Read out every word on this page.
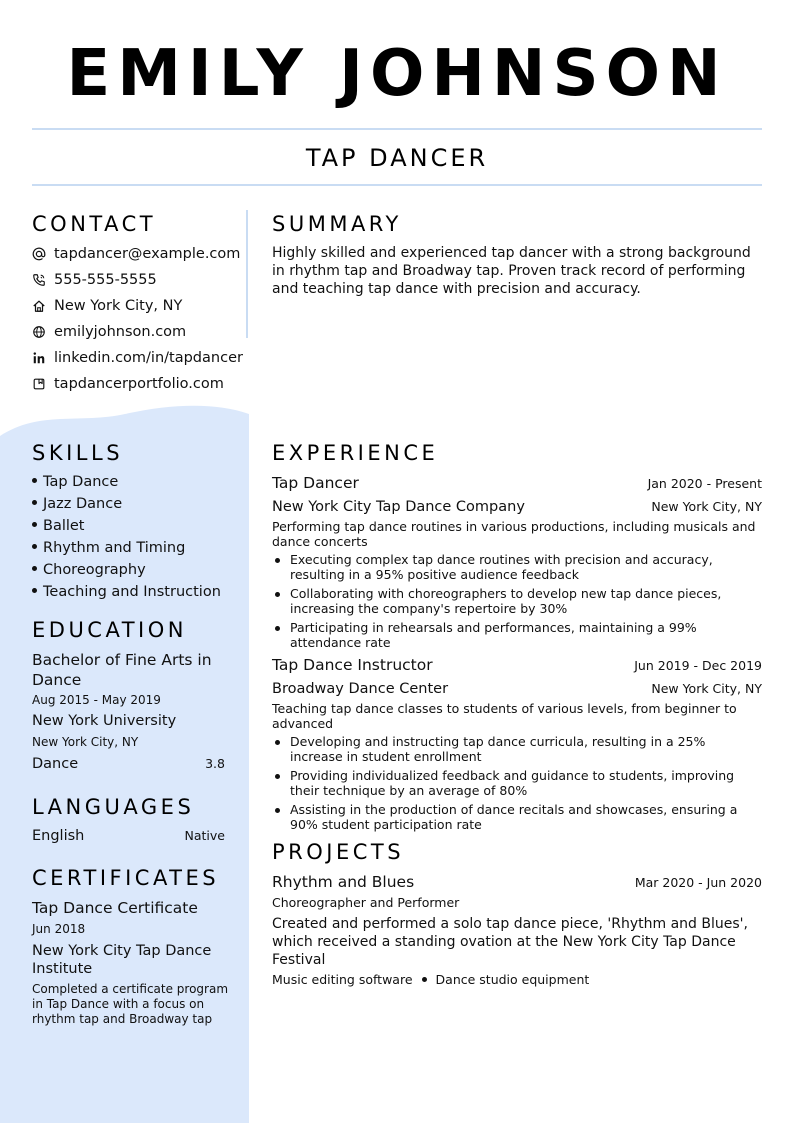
EMILY JOHNSON
TAP DANCER
CONTACT
tapdancer@example.com
555-555-5555
New York City, NY
emilyjohnson.com
linkedin.com/in/tapdancer
tapdancerportfolio.com
SUMMARY

Highly skilled and experienced tap dancer with a strong background in rhythm tap and Broadway tap. Proven track record of performing and teaching tap dance with precision and accuracy.

SKILLS
Tap Dance
Jazz Dance
Ballet
Rhythm and Timing
Choreography
Teaching and Instruction
EDUCATION
Bachelor of Fine Arts in Dance
Aug 2015 - May 2019
New York University
New York City, NY
Dance	3.8
LANGUAGES
English	Native
CERTIFICATES
Tap Dance Certificate
Jun 2018
New York City Tap Dance Institute
Completed a certificate program in Tap Dance with a focus on rhythm tap and Broadway tap
EXPERIENCE
Tap Dancer	Jan 2020 - Present
New York City Tap Dance Company	New York City, NY
Performing tap dance routines in various productions, including musicals and dance concerts
Executing complex tap dance routines with precision and accuracy, resulting in a 95% positive audience feedback
Collaborating with choreographers to develop new tap dance pieces, increasing the company's repertoire by 30%
Participating in rehearsals and performances, maintaining a 99% attendance rate
Tap Dance Instructor	Jun 2019 - Dec 2019
Broadway Dance Center	New York City, NY
Teaching tap dance classes to students of various levels, from beginner to advanced
Developing and instructing tap dance curricula, resulting in a 25% increase in student enrollment
Providing individualized feedback and guidance to students, improving their technique by an average of 80%
Assisting in the production of dance recitals and showcases, ensuring a 90% student participation rate
PROJECTS
Rhythm and Blues	Mar 2020 - Jun 2020
Choreographer and Performer
Created and performed a solo tap dance piece, 'Rhythm and Blues', which received a standing ovation at the New York City Tap Dance Festival
Music editing software Dance studio equipment
